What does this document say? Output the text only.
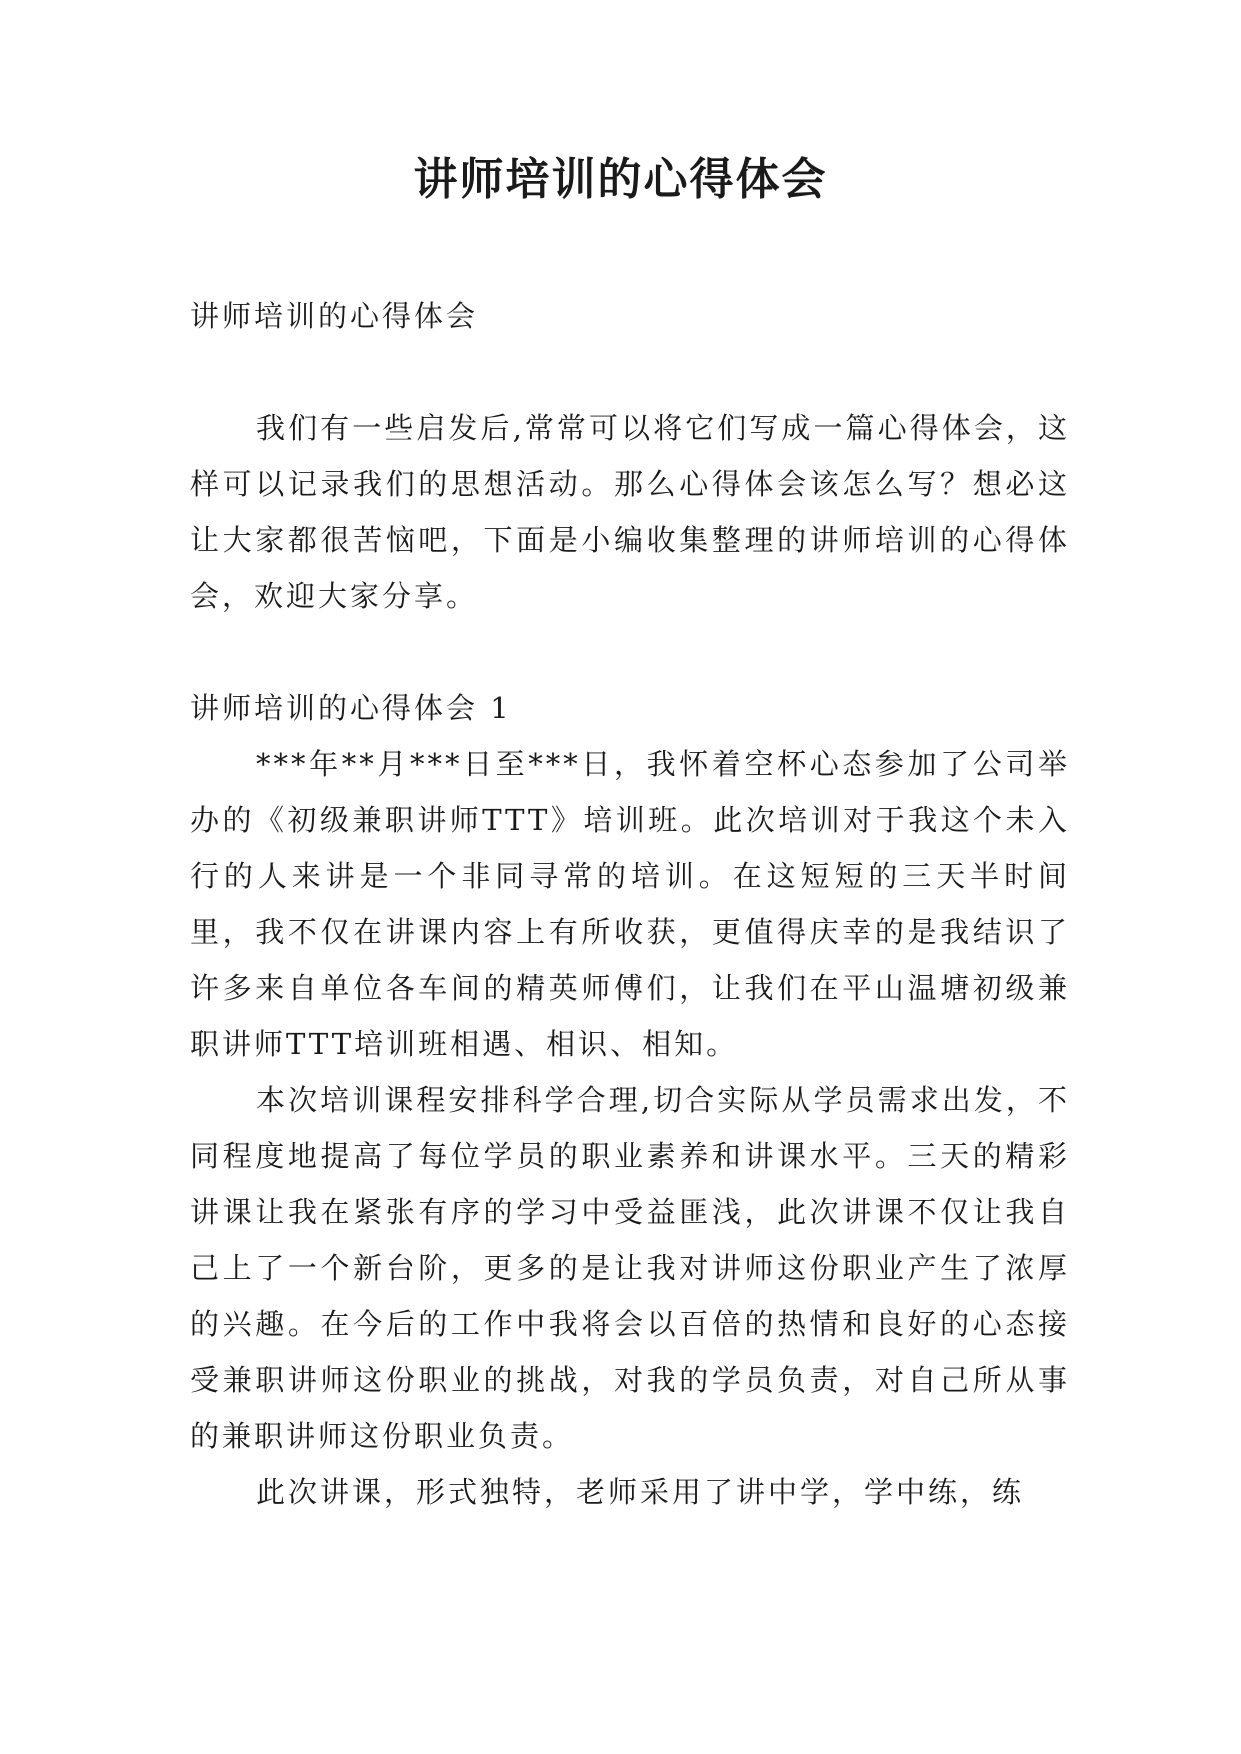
讲师培训的心得体会

讲师培训的心得体会

我们有一些启发后,常常可以将它们写成一篇心得体会，这样可以记录我们的思想活动。那么心得体会该怎么写？想必这让大家都很苦恼吧，下面是小编收集整理的讲师培训的心得体会，欢迎大家分享。

讲师培训的心得体会 1

***年**月***日至***日，我怀着空杯心态参加了公司举办的《初级兼职讲师TTT》培训班。此次培训对于我这个未入行的人来讲是一个非同寻常的培训。在这短短的三天半时间里，我不仅在讲课内容上有所收获，更值得庆幸的是我结识了许多来自单位各车间的精英师傅们，让我们在平山温塘初级兼职讲师TTT培训班相遇、相识、相知。

本次培训课程安排科学合理,切合实际从学员需求出发，不同程度地提高了每位学员的职业素养和讲课水平。三天的精彩讲课让我在紧张有序的学习中受益匪浅，此次讲课不仅让我自己上了一个新台阶，更多的是让我对讲师这份职业产生了浓厚的兴趣。在今后的工作中我将会以百倍的热情和良好的心态接受兼职讲师这份职业的挑战，对我的学员负责，对自己所从事的兼职讲师这份职业负责。

此次讲课，形式独特，老师采用了讲中学，学中练，练
